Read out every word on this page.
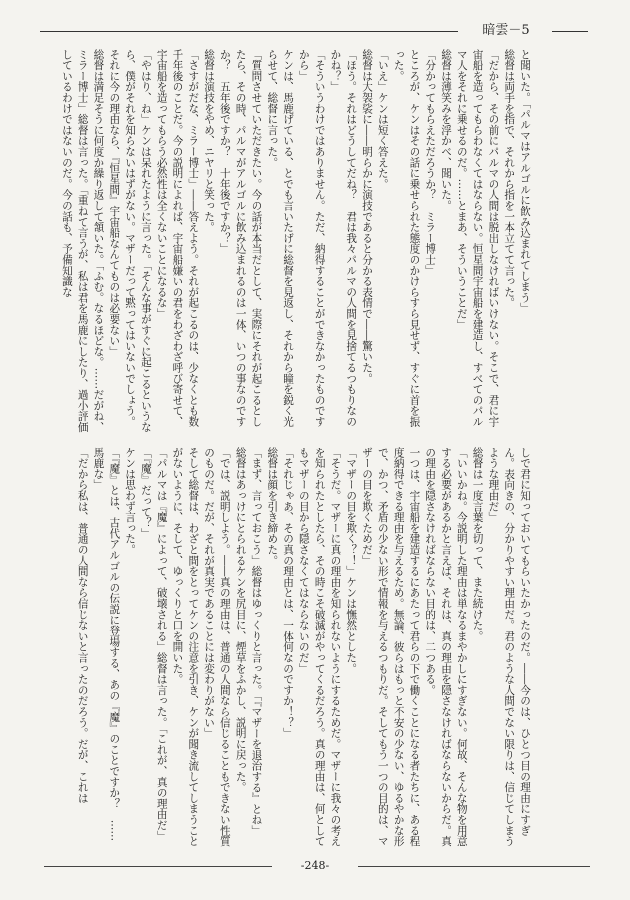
暗雲－5

と聞いた。「パルマはアルゴルに飲み込まれてしまう」

総督は両手を指で、それから指を一本立てて言った。

「だから、その前にパルマの人間は脱出しなければいけない。そこで、君に宇宙船を造ってもらわなくてはならない。恒星間宇宙船を建造し、すべてのパルマ人をそれに乗せるのだ。……とまあ、そういうことだ」

総督は薄笑みを浮かべ、聞いた。

「分かってもらえただろうか？　ミラー博士」

ところが、ケンはその話に乗せられた態度のかけらすら見せず、すぐに首を振った。

「いえ」ケンは短く答えた。

総督は大袈裟に――明らかに演技であると分かる表情で――驚いた。

「ほう。それはどうしてだね？　君は我々パルマの人間を見捨てるつもりなのかね？」

「そういうわけではありません。ただ、納得することができなかったものですから」

ケンは、馬鹿げている、とでも言いたげに総督を見返し、それから瞳を鋭く光らせて、総督に言った。

「質問させていただきたい。今の話が本当だとして、実際にそれが起こるとしたら、その時、パルマがアルゴルに飲み込まれるのは一体、いつの事なのですか？　五年後ですか？　十年後ですか？」

総督は演技をやめ、ニヤリと笑った。

「さすがだな、ミラー博士」――答えよう。それが起こるのは、少なくとも数千年後のことだ。今の説明によれば、宇宙船嫌いの君をわざわざ呼び寄せて、宇宙船を造ってもらう必然性は全くないことになるな」

「やはり、ね」ケンは呆れたように言った。「そんな事がすぐに起こるというなら、僕がそれを知らないはずがない。マザーだって黙ってはいないでしょう。それに今の理由なら、『恒星間』宇宙船なんてものは必要ない」

総督は満足そうに何度か繰り返して頷いた。「ふむ。なるほどな。……だがね、ミラー博士」総督は言った。「重ねて言うが、私は君を馬鹿にしたり、過小評価しているわけではないのだ。今の話も、予備知識な

しで君に知っておいてもらいたかったのだ。――今のは、ひとつ目の理由にすぎん。表向きの、分かりやすい理由だ。君のような人間でない限りは、信じてしまうような理由だ」

総督は一度言葉を切って、また続けた。

「いいかね。今説明した理由は単なるまやかしにすぎない。何故、そんな物を用意する必要があるかと言えば、それは、真の理由を隠さなければならないからだ。真の理由を隠さなければならない目的は、二つある。

一つは、宇宙船を建造するにあたって君らの下で働くことになる者たちに、ある程度納得できる理由を与えるため。無論、彼らはもっと不安の少ない、ゆるやかな形で、かつ、矛盾の少ない形で情報を与えるつもりだ。そしてもう一つの目的は、マザーの目を欺くためだ」

「マザーの目を欺く？！」ケンは憮然とした。

「そうだ。マザーに真の理由を知られないようにするためだ。マザーに我々の考えを知られたとしたら、その時こそ破滅がやってくるだろう。真の理由は、何としてもマザーの目から隠さなくてはならないのだ」

「それじゃあ、その真の理由とは、一体何なのですか！？」

総督は顔を引き締めた。

「まず、言っておこう」総督はゆっくりと言った。「『マザーを退治する』とね」

総督はあっけにとられるケンを尻目に、煙草をふかし、説明に戻った。

「では、説明しよう。――真の理由は、普通の人間なら信じることもできない性質のものだ。だが、それが真実であることには変わりがない」

そして総督は、わざと間をとってケンの注意を引き、ケンが聞き流してしまうことがないように、そして、ゆっくりと口を開いた。

「パルマは『魔』によって、破壊される」総督は言った。「これが、真の理由だ」

「『魔』だって？」

ケンは思わず言った。

「『魔』とは、古代アルゴルの伝説に登場する、あの『魔』のことですか？　……馬鹿な」

「だから私は、普通の人間なら信じないと言ったのだろう。だが、これは

-248-
